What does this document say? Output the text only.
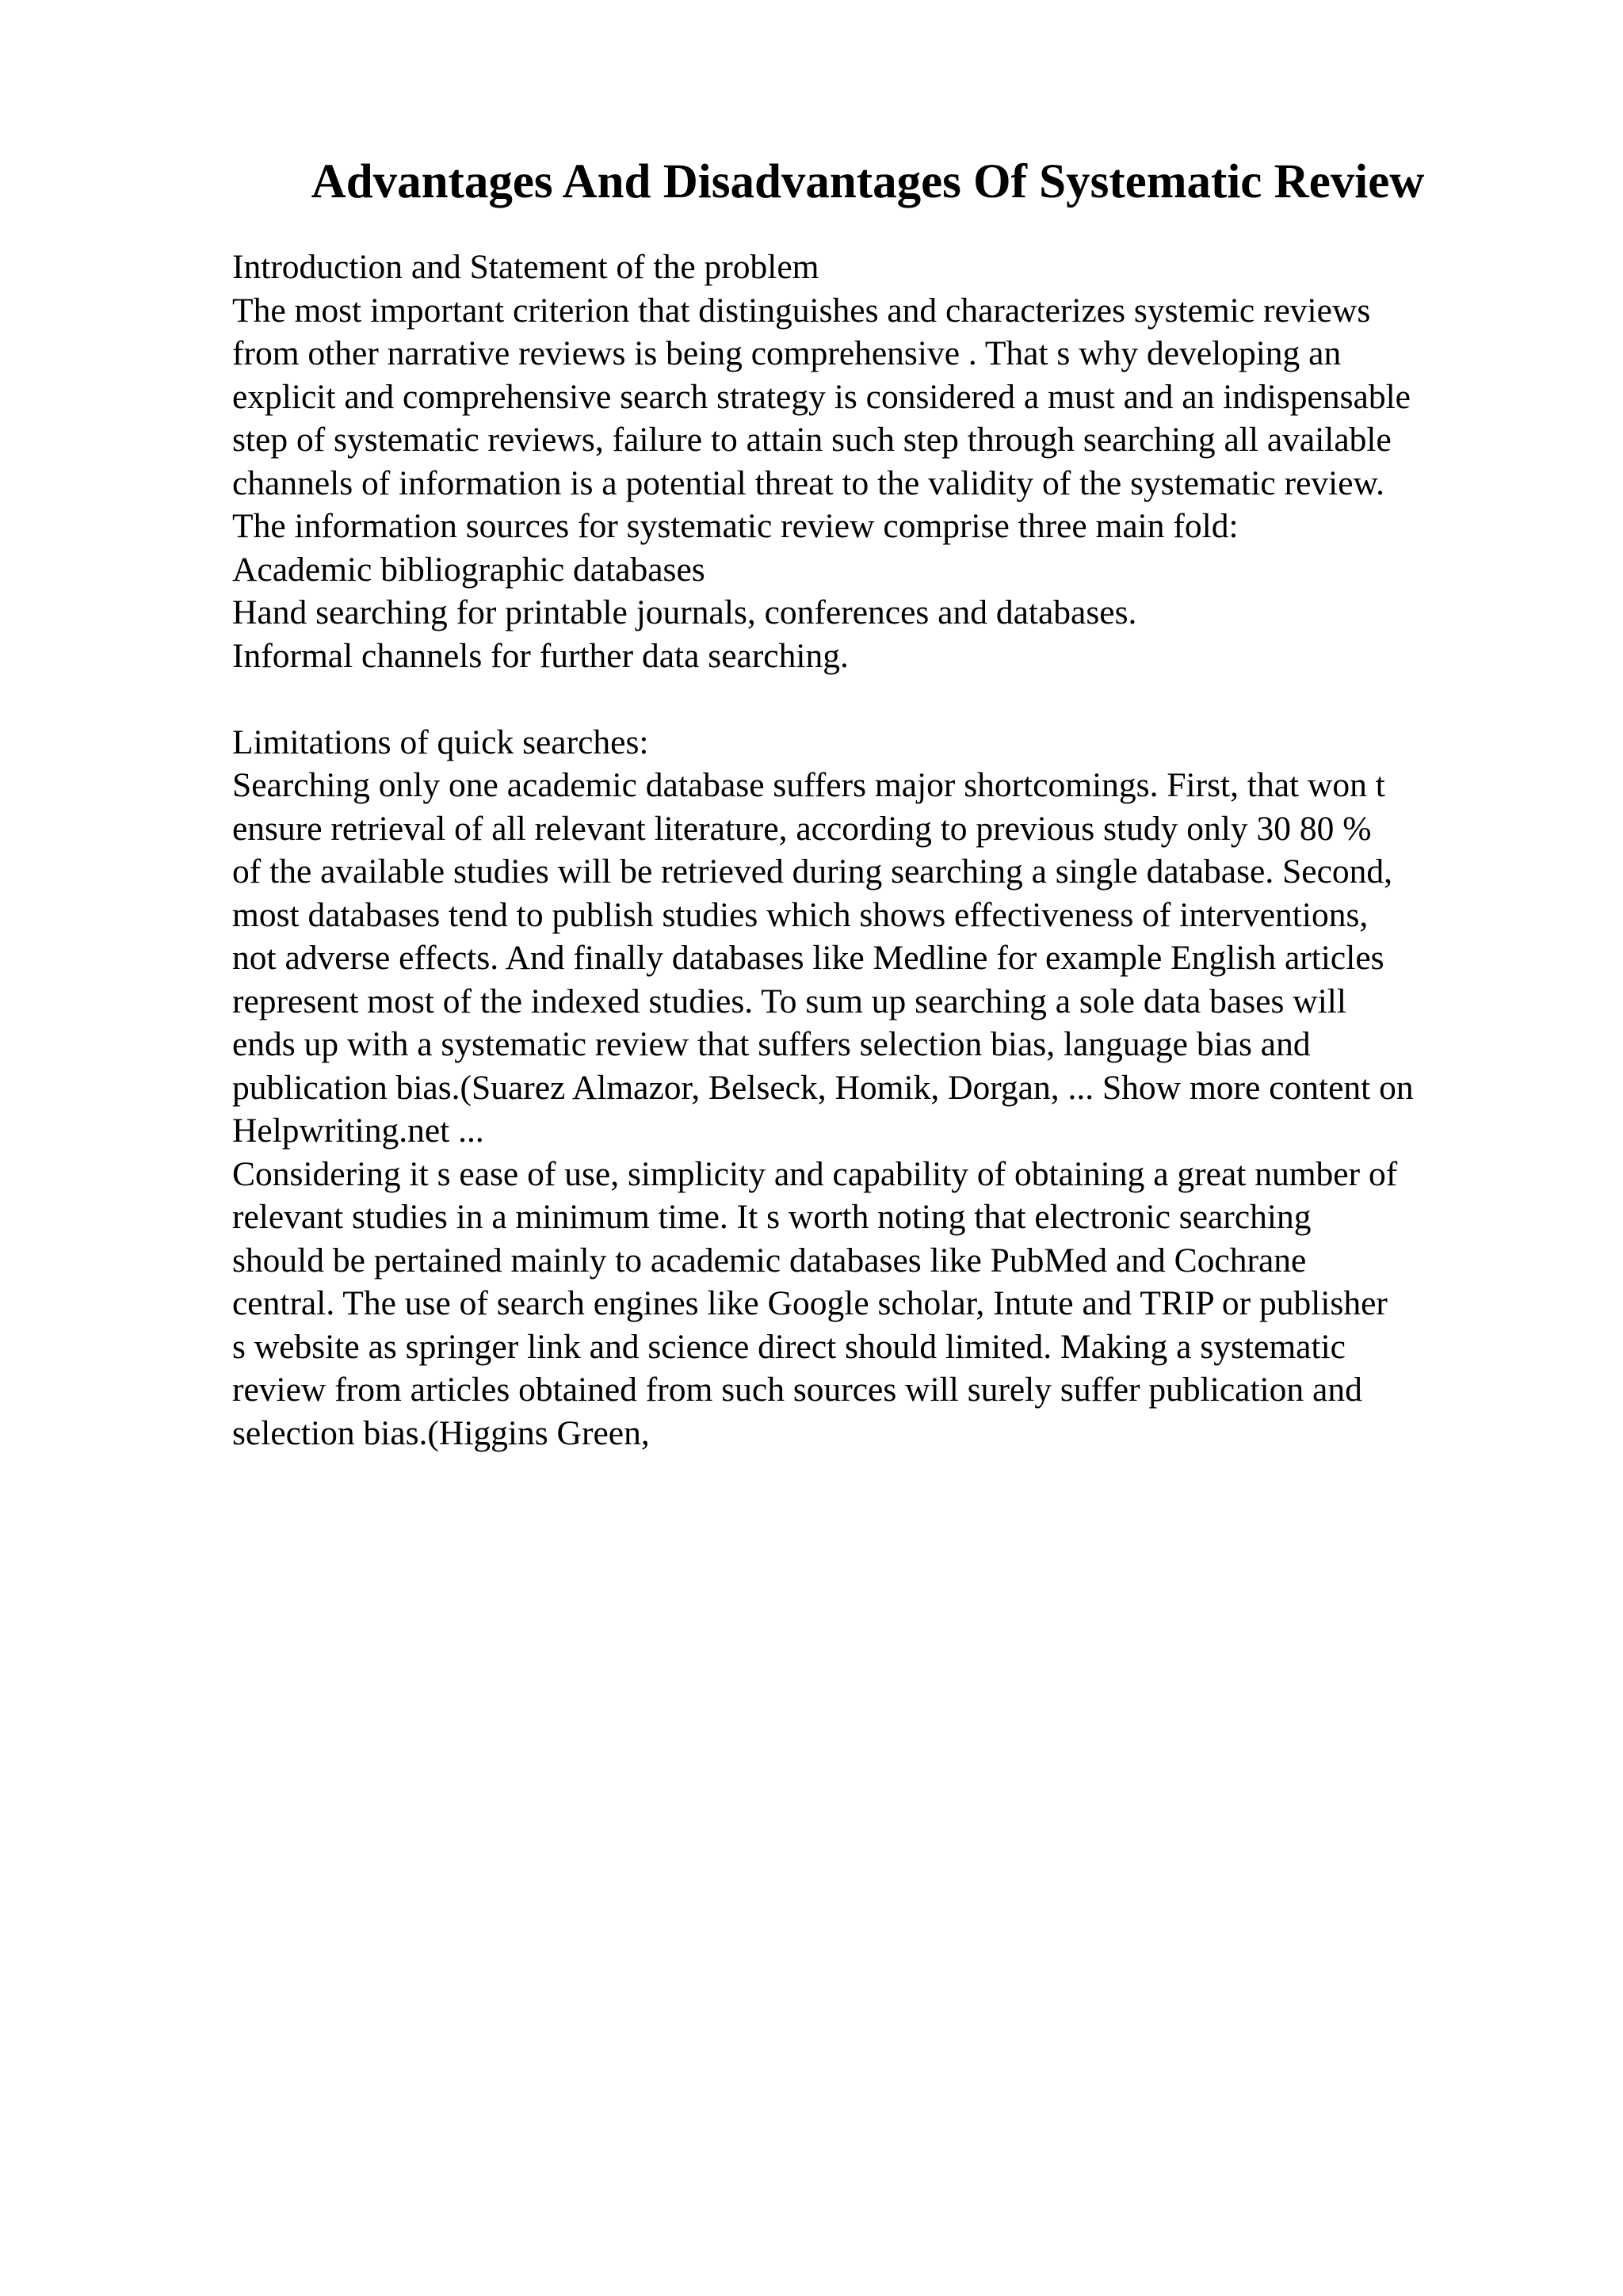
Advantages And Disadvantages Of Systematic Review
Introduction and Statement of the problem
The most important criterion that distinguishes and characterizes systemic reviews
from other narrative reviews is being comprehensive . That s why developing an
explicit and comprehensive search strategy is considered a must and an indispensable
step of systematic reviews, failure to attain such step through searching all available
channels of information is a potential threat to the validity of the systematic review.
The information sources for systematic review comprise three main fold:
Academic bibliographic databases
Hand searching for printable journals, conferences and databases.
Informal channels for further data searching.
Limitations of quick searches:
Searching only one academic database suffers major shortcomings. First, that won t
ensure retrieval of all relevant literature, according to previous study only 30 80 %
of the available studies will be retrieved during searching a single database. Second,
most databases tend to publish studies which shows effectiveness of interventions,
not adverse effects. And finally databases like Medline for example English articles
represent most of the indexed studies. To sum up searching a sole data bases will
ends up with a systematic review that suffers selection bias, language bias and
publication bias.(Suarez Almazor, Belseck, Homik, Dorgan, ... Show more content on
Helpwriting.net ...
Considering it s ease of use, simplicity and capability of obtaining a great number of
relevant studies in a minimum time. It s worth noting that electronic searching
should be pertained mainly to academic databases like PubMed and Cochrane
central. The use of search engines like Google scholar, Intute and TRIP or publisher
s website as springer link and science direct should limited. Making a systematic
review from articles obtained from such sources will surely suffer publication and
selection bias.(Higgins Green,
